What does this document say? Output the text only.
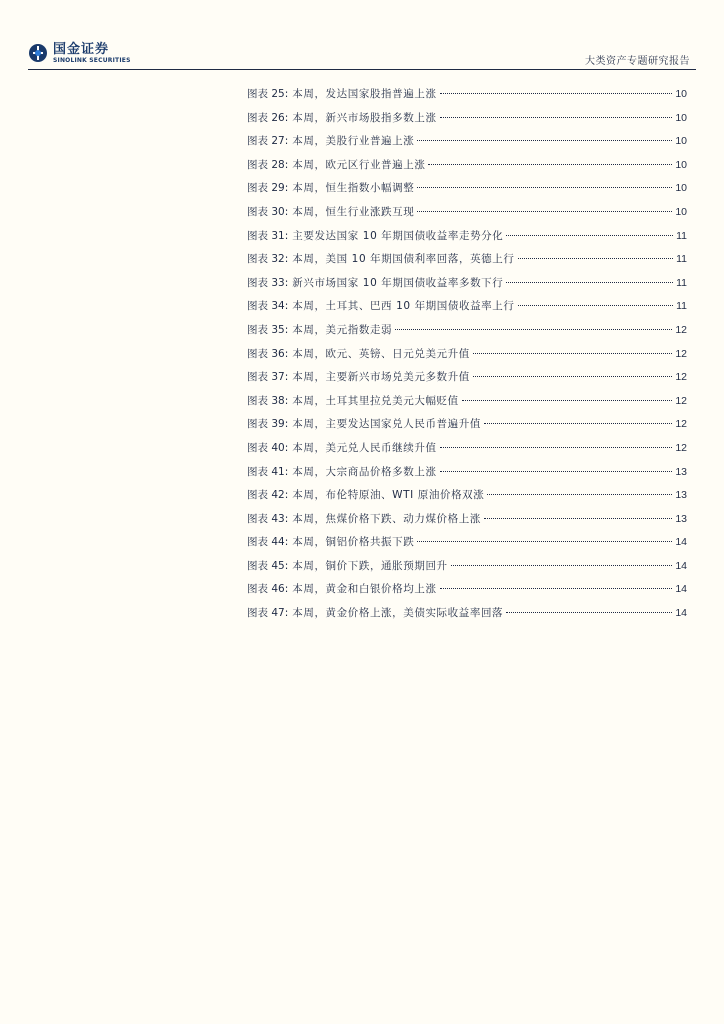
国金证券
SINOLINK SECURITIES	大类资产专题研究报告
图表 25: 本周，发达国家股指普遍上涨	10
图表 26: 本周，新兴市场股指多数上涨	10
图表 27: 本周，美股行业普遍上涨	10
图表 28: 本周，欧元区行业普遍上涨	10
图表 29: 本周，恒生指数小幅调整	10
图表 30: 本周，恒生行业涨跌互现	10
图表 31: 主要发达国家 10 年期国债收益率走势分化	11
图表 32: 本周，美国 10 年期国债利率回落，英德上行	11
图表 33: 新兴市场国家 10 年期国债收益率多数下行	11
图表 34: 本周，土耳其、巴西 10 年期国债收益率上行	11
图表 35: 本周，美元指数走弱	12
图表 36: 本周，欧元、英镑、日元兑美元升值	12
图表 37: 本周，主要新兴市场兑美元多数升值	12
图表 38: 本周，土耳其里拉兑美元大幅贬值	12
图表 39: 本周，主要发达国家兑人民币普遍升值	12
图表 40: 本周，美元兑人民币继续升值	12
图表 41: 本周，大宗商品价格多数上涨	13
图表 42: 本周，布伦特原油、WTI 原油价格双涨	13
图表 43: 本周，焦煤价格下跌、动力煤价格上涨	13
图表 44: 本周，铜铝价格共振下跌	14
图表 45: 本周，铜价下跌，通胀预期回升	14
图表 46: 本周，黄金和白银价格均上涨	14
图表 47: 本周，黄金价格上涨，美债实际收益率回落	14
